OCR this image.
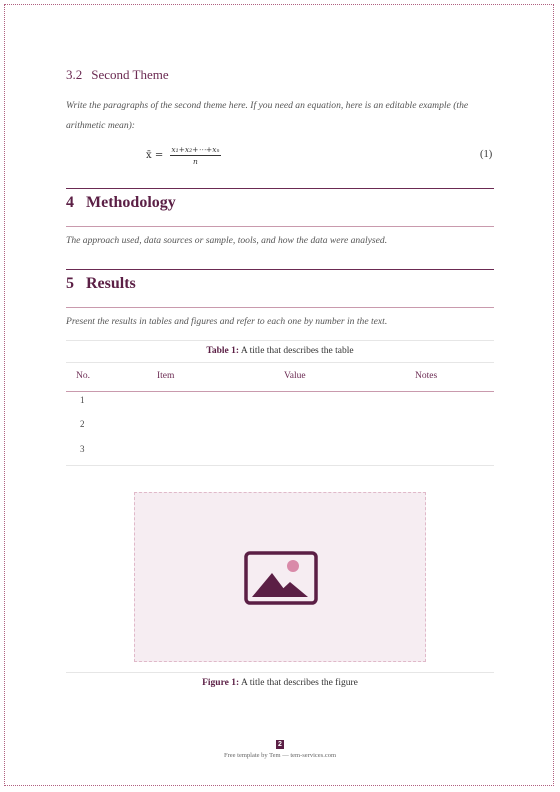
3.2 Second Theme
Write the paragraphs of the second theme here. If you need an equation, here is an editable example (the arithmetic mean):
x̄ = $\frac{\text{x₁+x₂+⋯+xₙ}}{n}$	(1)
4 Methodology
The approach used, data sources or sample, tools, and how the data were analysed.
5 Results
Present the results in tables and figures and refer to each one by number in the text.
Table 1: A title that describes the table
No.	Item	Value	Notes
1
2
3
Figure 1: A title that describes the figure
2
Free template by Tem — tem-services.com
